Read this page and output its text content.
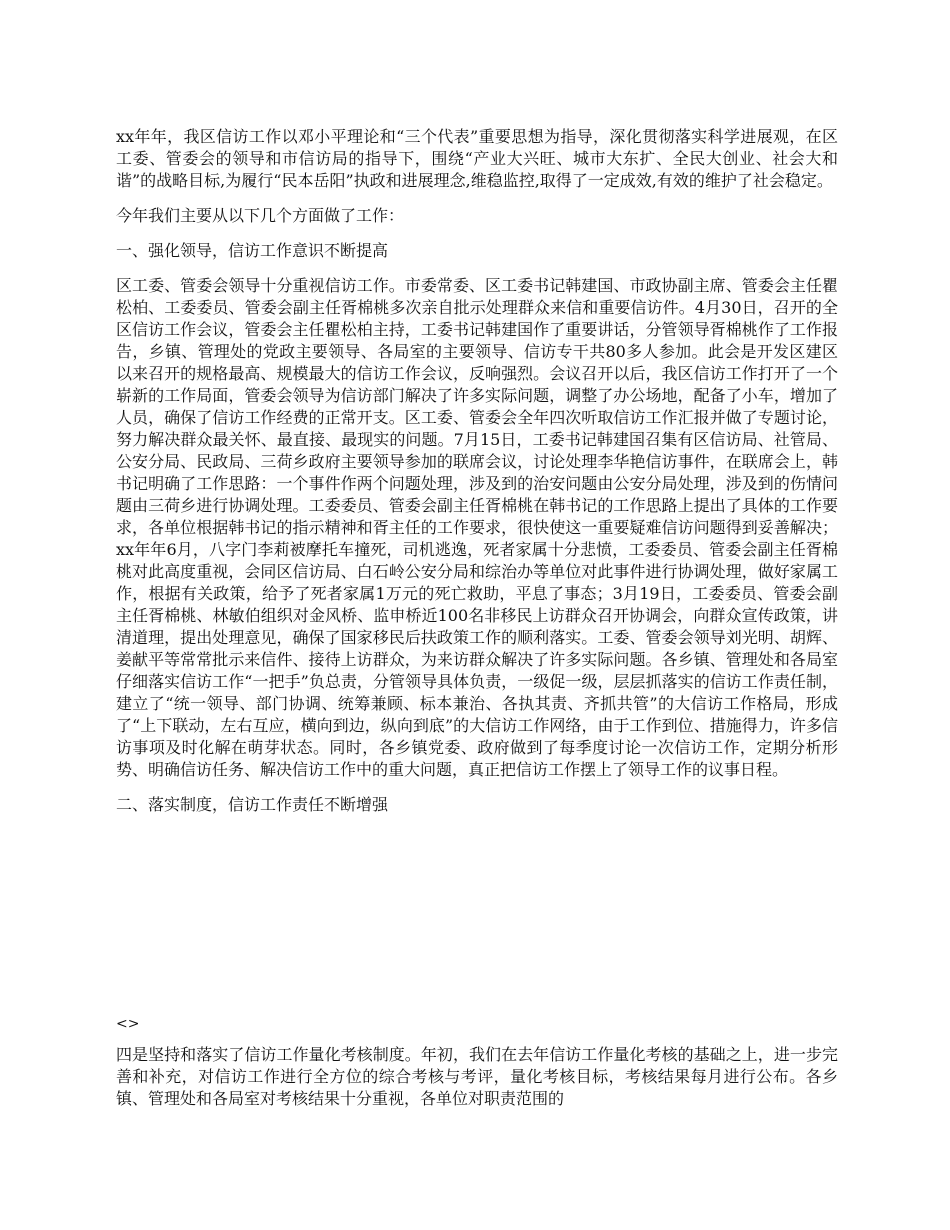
xx年年，我区信访工作以邓小平理论和“三个代表”重要思想为指导，深化贯彻落实科学进展观，在区工委、管委会的领导和市信访局的指导下，围绕“产业大兴旺、城市大东扩、全民大创业、社会大和谐”的战略目标,为履行“民本岳阳”执政和进展理念,维稳监控,取得了一定成效,有效的维护了社会稳定。

今年我们主要从以下几个方面做了工作：

一、强化领导，信访工作意识不断提高

区工委、管委会领导十分重视信访工作。市委常委、区工委书记韩建国、市政协副主席、管委会主任瞿松柏、工委委员、管委会副主任胥棉桃多次亲自批示处理群众来信和重要信访件。4月30日，召开的全区信访工作会议，管委会主任瞿松柏主持，工委书记韩建国作了重要讲话，分管领导胥棉桃作了工作报告，乡镇、管理处的党政主要领导、各局室的主要领导、信访专干共80多人参加。此会是开发区建区以来召开的规格最高、规模最大的信访工作会议，反响强烈。会议召开以后，我区信访工作打开了一个崭新的工作局面，管委会领导为信访部门解决了许多实际问题，调整了办公场地，配备了小车，增加了人员，确保了信访工作经费的正常开支。区工委、管委会全年四次听取信访工作汇报并做了专题讨论，努力解决群众最关怀、最直接、最现实的问题。7月15日，工委书记韩建国召集有区信访局、社管局、公安分局、民政局、三荷乡政府主要领导参加的联席会议，讨论处理李华艳信访事件，在联席会上，韩书记明确了工作思路：一个事件作两个问题处理，涉及到的治安问题由公安分局处理，涉及到的伤情问题由三荷乡进行协调处理。工委委员、管委会副主任胥棉桃在韩书记的工作思路上提出了具体的工作要求，各单位根据韩书记的指示精神和胥主任的工作要求，很快使这一重要疑难信访问题得到妥善解决；xx年年6月，八字门李莉被摩托车撞死，司机逃逸，死者家属十分悲愤，工委委员、管委会副主任胥棉桃对此高度重视，会同区信访局、白石岭公安分局和综治办等单位对此事件进行协调处理，做好家属工作，根据有关政策，给予了死者家属1万元的死亡救助，平息了事态；3月19日，工委委员、管委会副主任胥棉桃、林敏伯组织对金风桥、监申桥近100名非移民上访群众召开协调会，向群众宣传政策，讲清道理，提出处理意见，确保了国家移民后扶政策工作的顺利落实。工委、管委会领导刘光明、胡辉、姜献平等常常批示来信件、接待上访群众，为来访群众解决了许多实际问题。各乡镇、管理处和各局室仔细落实信访工作“一把手”负总责，分管领导具体负责，一级促一级，层层抓落实的信访工作责任制，建立了“统一领导、部门协调、统筹兼顾、标本兼治、各执其责、齐抓共管”的大信访工作格局，形成了“上下联动，左右互应，横向到边，纵向到底”的大信访工作网络，由于工作到位、措施得力，许多信访事项及时化解在萌芽状态。同时，各乡镇党委、政府做到了每季度讨论一次信访工作，定期分析形势、明确信访任务、解决信访工作中的重大问题，真正把信访工作摆上了领导工作的议事日程。

二、落实制度，信访工作责任不断增强

<>

四是坚持和落实了信访工作量化考核制度。年初，我们在去年信访工作量化考核的基础之上，进一步完善和补充，对信访工作进行全方位的综合考核与考评，量化考核目标，考核结果每月进行公布。各乡镇、管理处和各局室对考核结果十分重视，各单位对职责范围的
